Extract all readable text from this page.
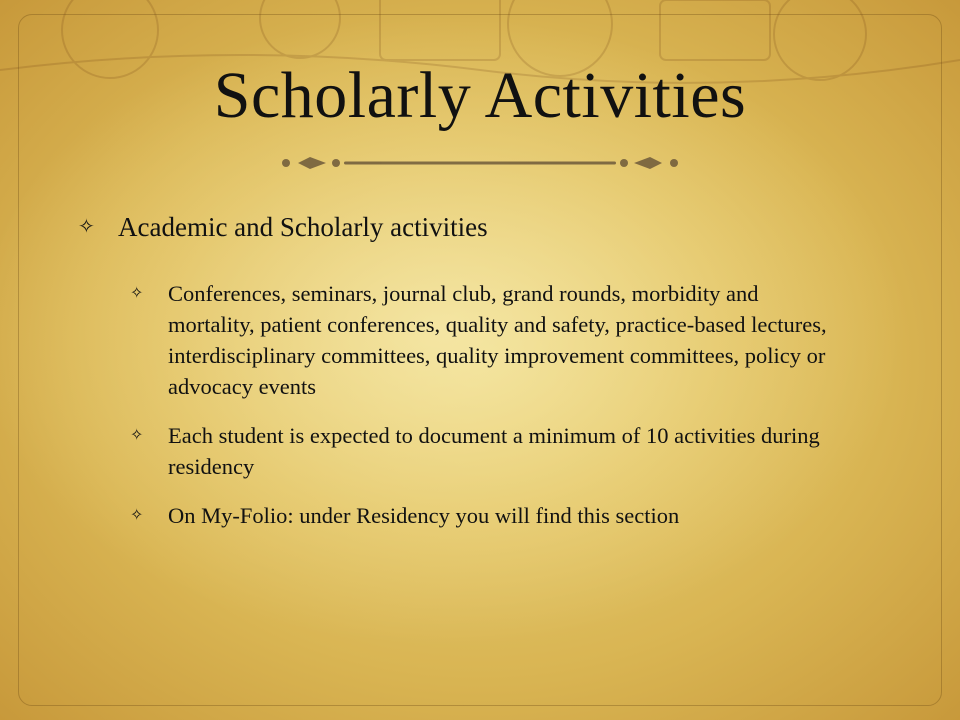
Scholarly Activities
✧ Academic and Scholarly activities
✧	Conferences, seminars, journal club, grand rounds, morbidity and mortality, patient conferences, quality and safety, practice-based lectures, interdisciplinary committees, quality improvement committees, policy or advocacy events
✧	Each student is expected to document a minimum of 10 activities during residency
✧	On My-Folio: under Residency you will find this section
